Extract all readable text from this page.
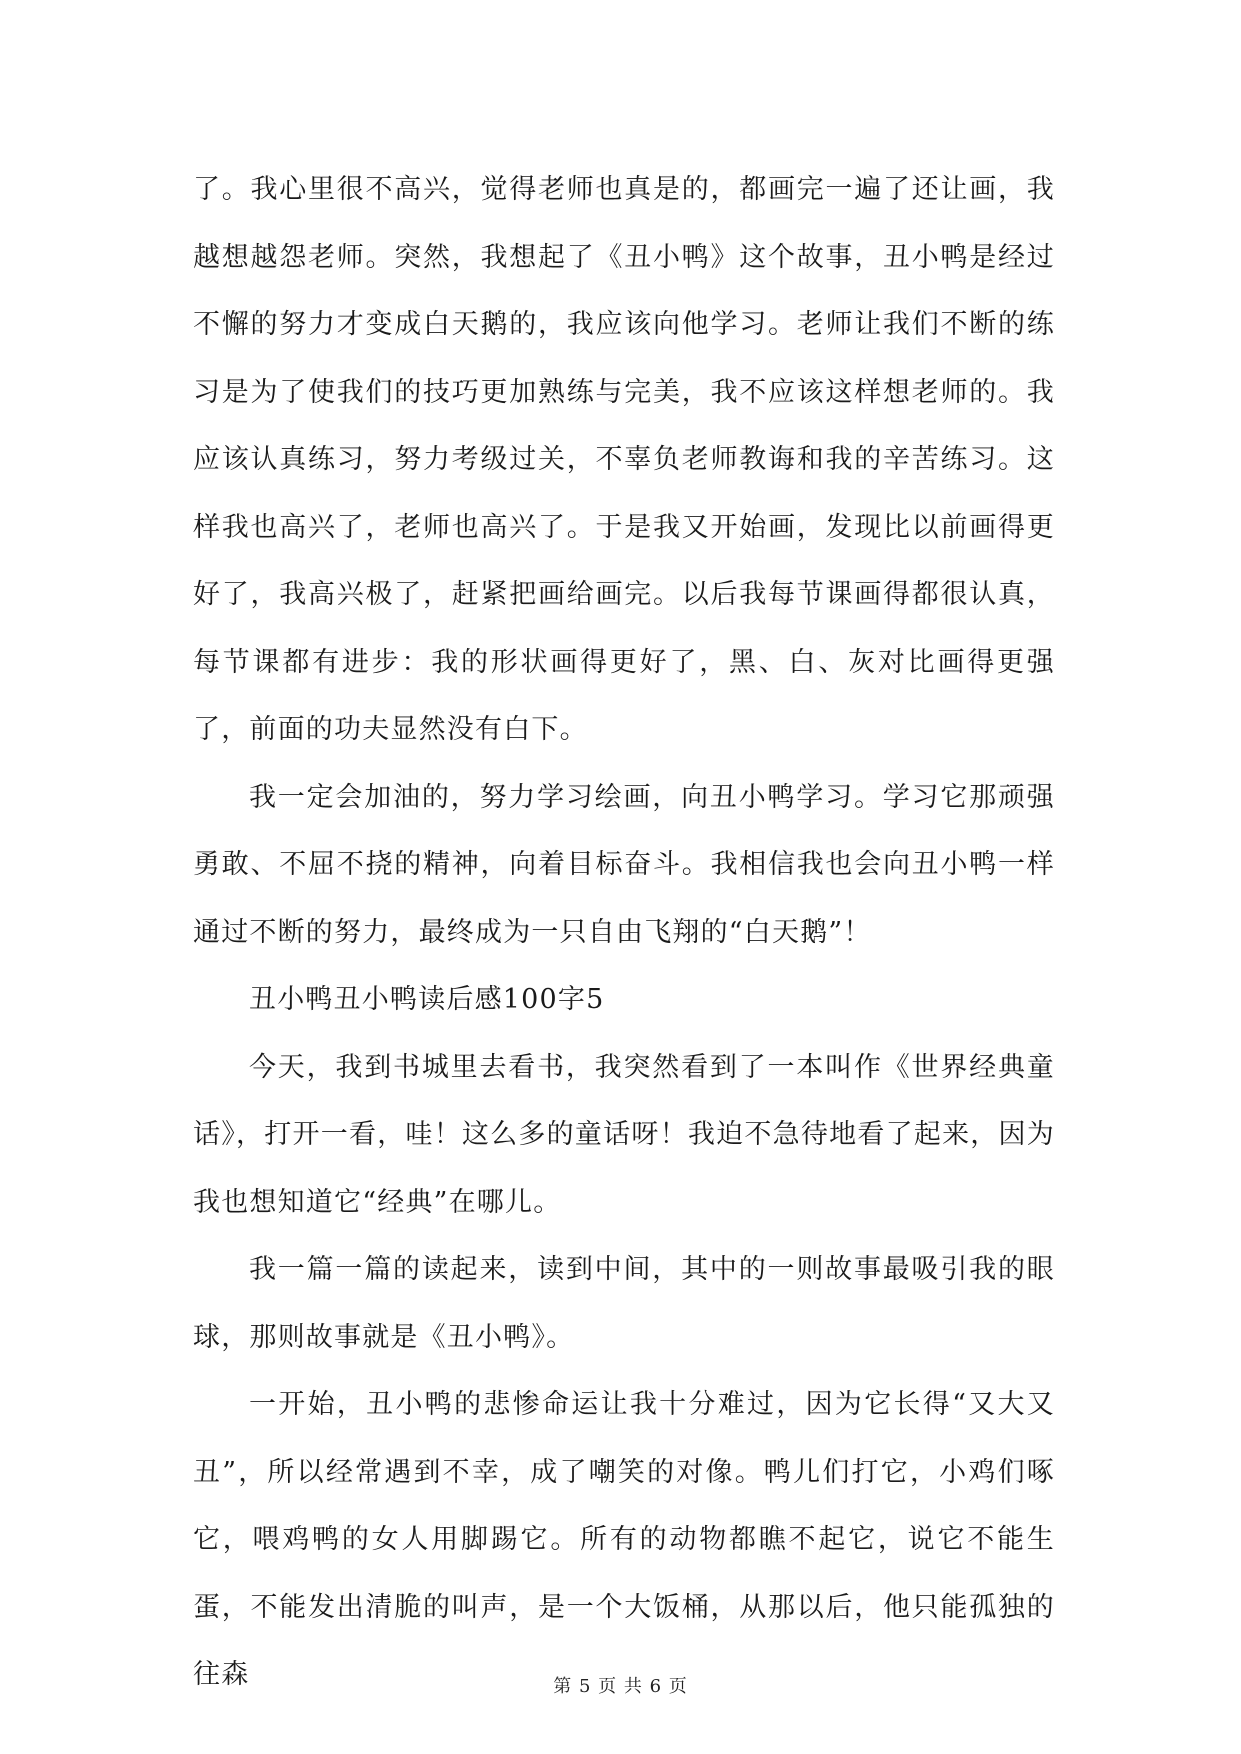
了。我心里很不高兴，觉得老师也真是的，都画完一遍了还让画，我越想越怨老师。突然，我想起了《丑小鸭》这个故事，丑小鸭是经过不懈的努力才变成白天鹅的，我应该向他学习。老师让我们不断的练习是为了使我们的技巧更加熟练与完美，我不应该这样想老师的。我应该认真练习，努力考级过关，不辜负老师教诲和我的辛苦练习。这样我也高兴了，老师也高兴了。于是我又开始画，发现比以前画得更好了，我高兴极了，赶紧把画给画完。以后我每节课画得都很认真，每节课都有进步：我的形状画得更好了，黑、白、灰对比画得更强了，前面的功夫显然没有白下。

我一定会加油的，努力学习绘画，向丑小鸭学习。学习它那顽强勇敢、不屈不挠的精神，向着目标奋斗。我相信我也会向丑小鸭一样通过不断的努力，最终成为一只自由飞翔的“白天鹅”！

丑小鸭丑小鸭读后感100字5

今天，我到书城里去看书，我突然看到了一本叫作《世界经典童话》，打开一看，哇！这么多的童话呀！我迫不急待地看了起来，因为我也想知道它“经典”在哪儿。

我一篇一篇的读起来，读到中间，其中的一则故事最吸引我的眼球，那则故事就是《丑小鸭》。

一开始，丑小鸭的悲惨命运让我十分难过，因为它长得“又大又丑”，所以经常遇到不幸，成了嘲笑的对像。鸭儿们打它，小鸡们啄它，喂鸡鸭的女人用脚踢它。所有的动物都瞧不起它，说它不能生蛋，不能发出清脆的叫声，是一个大饭桶，从那以后，他只能孤独的往森	第 5 页 共 6 页
